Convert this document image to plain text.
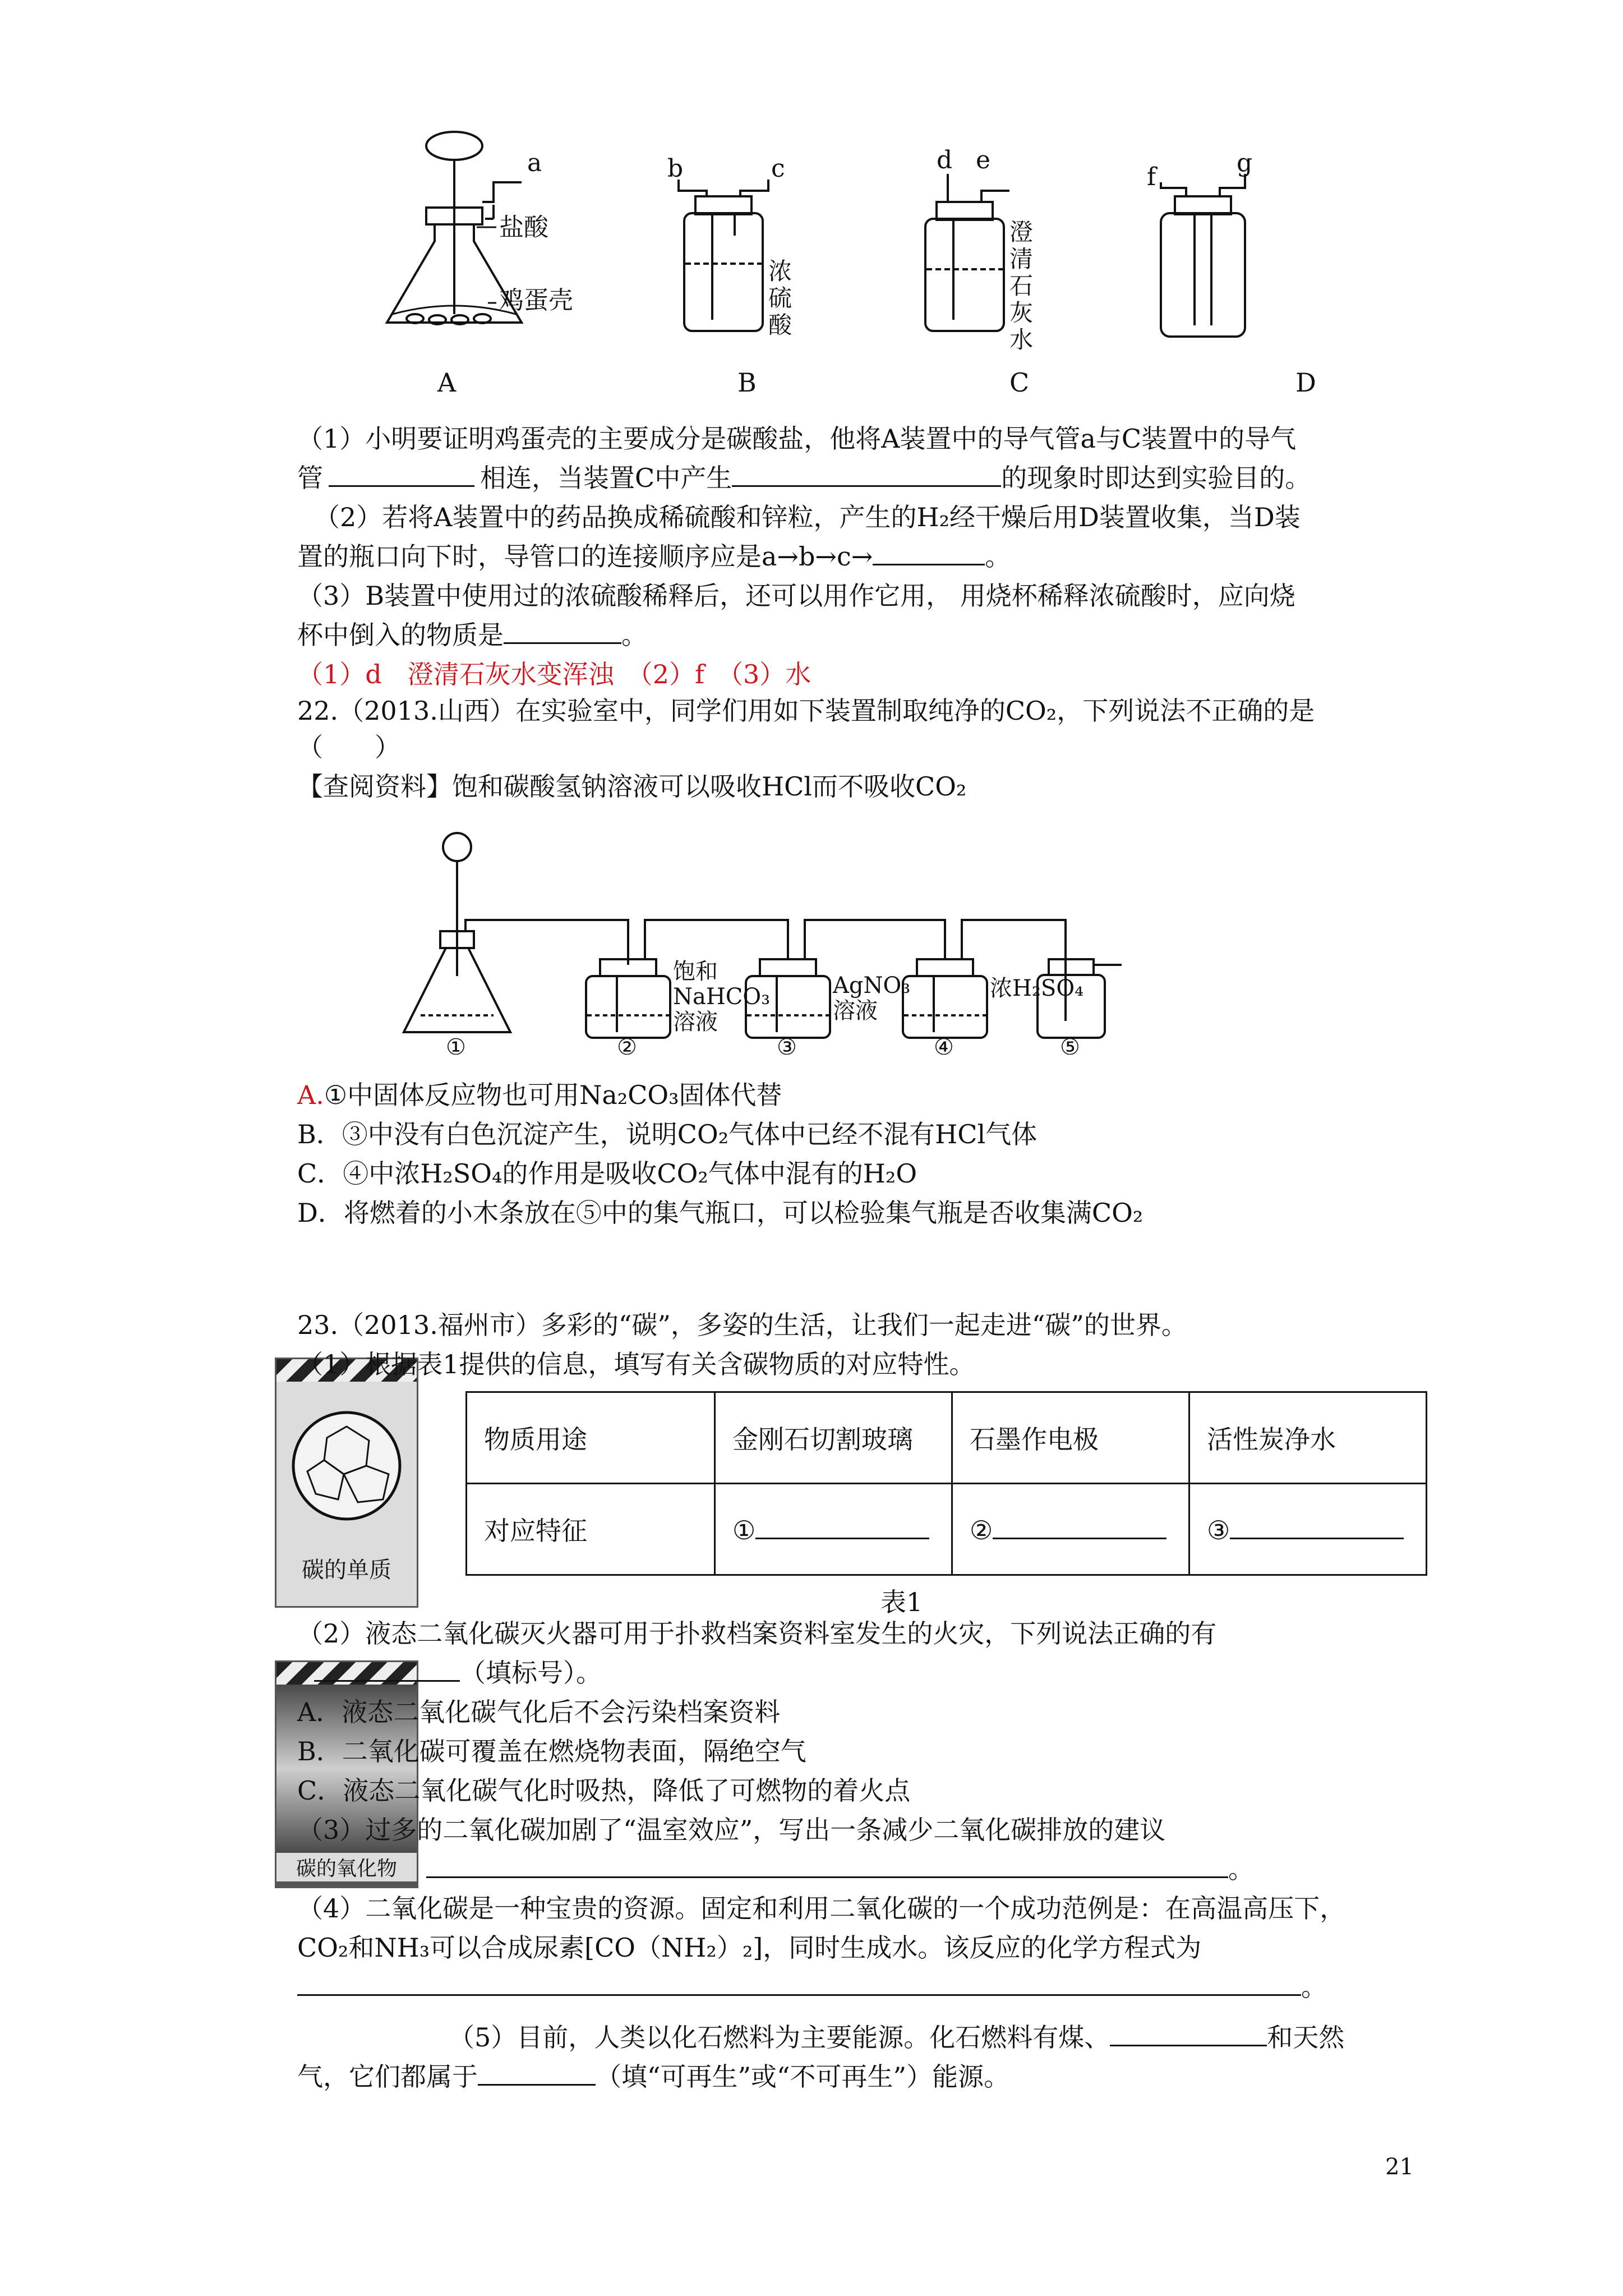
a	b	c	d e
f	g
盐酸
鸡蛋壳
浓硫酸
澄清石灰水
A	B	C	D
（1）小明要证明鸡蛋壳的主要成分是碳酸盐，他将A装置中的导气管a与C装置中的导气
管	相连，当装置C中产生	的现象时即达到实验目的。
（2）若将A装置中的药品换成稀硫酸和锌粒，产生的H₂经干燥后用D装置收集，当D装
置的瓶口向下时，导管口的连接顺序应是a→b→c→	。
（3）B装置中使用过的浓硫酸稀释后，还可以用作它用， 用烧杯稀释浓硫酸时，应向烧
杯中倒入的物质是	。
（1）d　澄清石灰水变浑浊　（2）f　（3）水
22.（2013.山西）在实验室中，同学们用如下装置制取纯净的CO₂，下列说法不正确的是
（　　）
【查阅资料】饱和碳酸氢钠溶液可以吸收HCl而不吸收CO₂
①	②	③	④	⑤
饱和
NaHCO₃
溶液
AgNO₃
溶液
浓H₂SO₄
A.①中固体反应物也可用Na₂CO₃固体代替
B．③中没有白色沉淀产生，说明CO₂气体中已经不混有HCl气体
C．④中浓H₂SO₄的作用是吸收CO₂气体中混有的H₂O
D．将燃着的小木条放在⑤中的集气瓶口，可以检验集气瓶是否收集满CO₂
23.（2013.福州市）多彩的“碳”，多姿的生活，让我们一起走进“碳”的世界。
碳的单质
（1）根据表1提供的信息，填写有关含碳物质的对应特性。
物质用途	金刚石切割玻璃	石墨作电极	活性炭净水
对应特征	①	②	③
表1
碳的氧化物
（2）液态二氧化碳灭火器可用于扑救档案资料室发生的火灾，下列说法正确的有
（填标号）。
A．液态二氧化碳气化后不会污染档案资料
B．二氧化碳可覆盖在燃烧物表面，隔绝空气
C．液态二氧化碳气化时吸热，降低了可燃物的着火点
（3）过多的二氧化碳加剧了“温室效应”，写出一条减少二氧化碳排放的建议
。
（4）二氧化碳是一种宝贵的资源。固定和利用二氧化碳的一个成功范例是：在高温高压下，
CO₂和NH₃可以合成尿素[CO（NH₂）₂]，同时生成水。该反应的化学方程式为
。
（5）目前，人类以化石燃料为主要能源。化石燃料有煤、	和天然
气，它们都属于	（填“可再生”或“不可再生”）能源。
21
